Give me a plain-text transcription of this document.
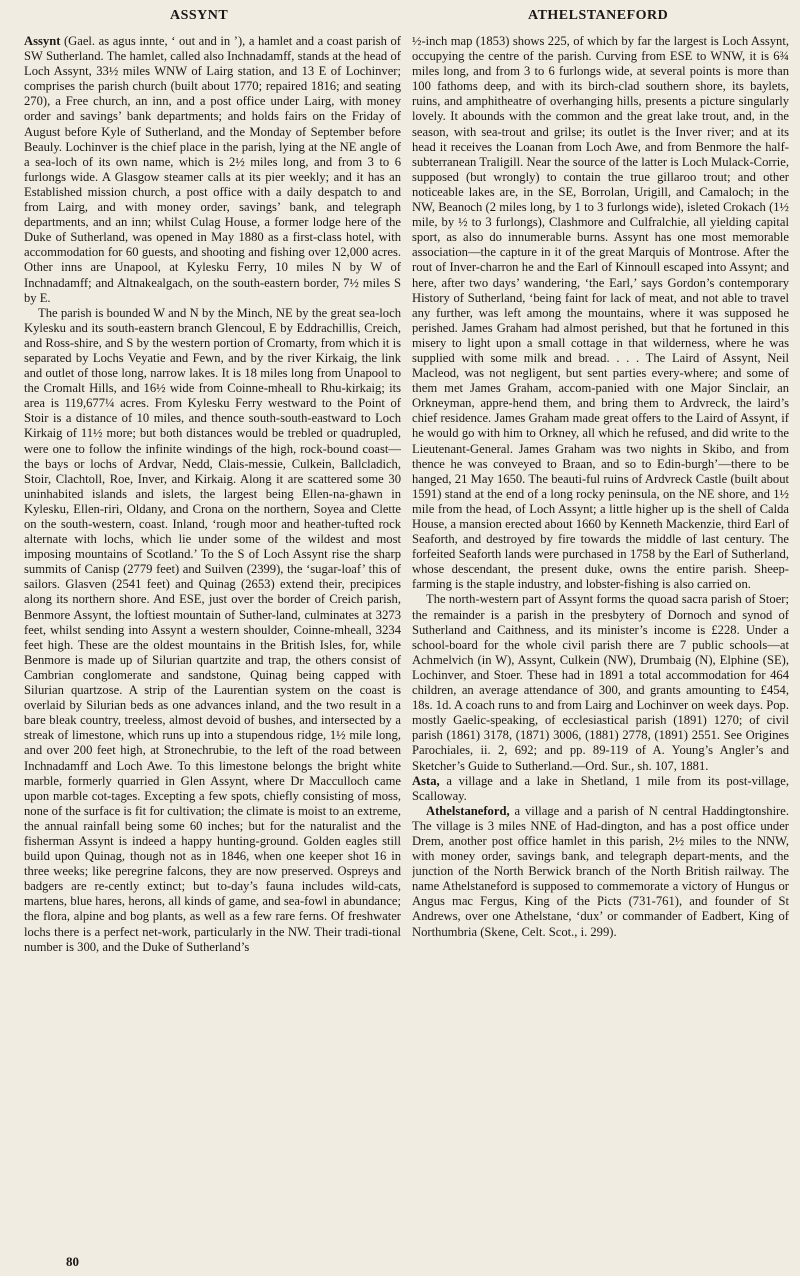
ASSYNT	ATHELSTANEFORD

Assynt (Gael. as agus innte, ‘ out and in ’), a hamlet and a coast parish of SW Sutherland. The hamlet, called also Inchnadamff, stands at the head of Loch Assynt, 33½ miles WNW of Lairg station, and 13 E of Lochinver; comprises the parish church (built about 1770; repaired 1816; and seating 270), a Free church, an inn, and a post office under Lairg, with money order and savings’ bank departments; and holds fairs on the Friday of August before Kyle of Sutherland, and the Monday of September before Beauly. Lochinver is the chief place in the parish, lying at the NE angle of a sea-loch of its own name, which is 2½ miles long, and from 3 to 6 furlongs wide. A Glasgow steamer calls at its pier weekly; and it has an Established mission church, a post office with a daily despatch to and from Lairg, and with money order, savings’ bank, and telegraph departments, and an inn; whilst Culag House, a former lodge here of the Duke of Sutherland, was opened in May 1880 as a first-class hotel, with accommodation for 60 guests, and shooting and fishing over 12,000 acres. Other inns are Unapool, at Kylesku Ferry, 10 miles N by W of Inchnadamff; and Altnakealgach, on the south-eastern border, 7½ miles S by E.

The parish is bounded W and N by the Minch, NE by the great sea-loch Kylesku and its south-eastern branch Glencoul, E by Eddrachillis, Creich, and Ross-shire, and S by the western portion of Cromarty, from which it is separated by Lochs Veyatie and Fewn, and by the river Kirkaig, the link and outlet of those long, narrow lakes. It is 18 miles long from Unapool to the Cromalt Hills, and 16½ wide from Coinne-mheall to Rhu-kirkaig; its area is 119,677¼ acres. From Kylesku Ferry westward to the Point of Stoir is a distance of 10 miles, and thence south-south-eastward to Loch Kirkaig of 11½ more; but both distances would be trebled or quadrupled, were one to follow the infinite windings of the high, rock-bound coast—the bays or lochs of Ardvar, Nedd, Clais-messie, Culkein, Ballcladich, Stoir, Clachtoll, Roe, Inver, and Kirkaig. Along it are scattered some 30 uninhabited islands and islets, the largest being Ellen-na-ghawn in Kylesku, Ellen-riri, Oldany, and Crona on the northern, Soyea and Clette on the south-western, coast. Inland, ‘rough moor and heather-tufted rock alternate with lochs, which lie under some of the wildest and most imposing mountains of Scotland.’ To the S of Loch Assynt rise the sharp summits of Canisp (2779 feet) and Suilven (2399), the ‘sugar-loaf’ this of sailors. Glasven (2541 feet) and Quinag (2653) extend their, precipices along its northern shore. And ESE, just over the border of Creich parish, Benmore Assynt, the loftiest mountain of Suther-land, culminates at 3273 feet, whilst sending into Assynt a western shoulder, Coinne-mheall, 3234 feet high. These are the oldest mountains in the British Isles, for, while Benmore is made up of Silurian quartzite and trap, the others consist of Cambrian conglomerate and sandstone, Quinag being capped with Silurian quartzose. A strip of the Laurentian system on the coast is overlaid by Silurian beds as one advances inland, and the two result in a bare bleak country, treeless, almost devoid of bushes, and intersected by a streak of limestone, which runs up into a stupendous ridge, 1½ mile long, and over 200 feet high, at Stronechrubie, to the left of the road between Inchnadamff and Loch Awe. To this limestone belongs the bright white marble, formerly quarried in Glen Assynt, where Dr Macculloch came upon marble cot-tages. Excepting a few spots, chiefly consisting of moss, none of the surface is fit for cultivation; the climate is moist to an extreme, the annual rainfall being some 60 inches; but for the naturalist and the fisherman Assynt is indeed a happy hunting-ground. Golden eagles still build upon Quinag, though not as in 1846, when one keeper shot 16 in three weeks; like peregrine falcons, they are now preserved. Ospreys and badgers are re-cently extinct; but to-day’s fauna includes wild-cats, martens, blue hares, herons, all kinds of game, and sea-fowl in abundance; the flora, alpine and bog plants, as well as a few rare ferns. Of freshwater lochs there is a perfect net-work, particularly in the NW. Their tradi-tional number is 300, and the Duke of Sutherland’s

½-inch map (1853) shows 225, of which by far the largest is Loch Assynt, occupying the centre of the parish. Curving from ESE to WNW, it is 6¾ miles long, and from 3 to 6 furlongs wide, at several points is more than 100 fathoms deep, and with its birch-clad southern shore, its baylets, ruins, and amphitheatre of overhanging hills, presents a picture singularly lovely. It abounds with the common and the great lake trout, and, in the season, with sea-trout and grilse; its outlet is the Inver river; and at its head it receives the Loanan from Loch Awe, and from Benmore the half-subterranean Traligill. Near the source of the latter is Loch Mulack-Corrie, supposed (but wrongly) to contain the true gillaroo trout; and other noticeable lakes are, in the SE, Borrolan, Urigill, and Camaloch; in the NW, Beanoch (2 miles long, by 1 to 3 furlongs wide), isleted Crokach (1½ mile, by ½ to 3 furlongs), Clashmore and Culfralchie, all yielding capital sport, as also do innumerable burns. Assynt has one most memorable association—the capture in it of the great Marquis of Montrose. After the rout of Inver-charron he and the Earl of Kinnoull escaped into Assynt; and here, after two days’ wandering, ‘the Earl,’ says Gordon’s contemporary History of Sutherland, ‘being faint for lack of meat, and not able to travel any further, was left among the mountains, where it was supposed he perished. James Graham had almost perished, but that he fortuned in this misery to light upon a small cottage in that wilderness, where he was supplied with some milk and bread. . . . The Laird of Assynt, Neil Macleod, was not negligent, but sent parties every-where; and some of them met James Graham, accom-panied with one Major Sinclair, an Orkneyman, appre-hend them, and bring them to Ardvreck, the laird’s chief residence. James Graham made great offers to the Laird of Assynt, if he would go with him to Orkney, all which he refused, and did write to the Lieutenant-General. James Graham was two nights in Skibo, and from thence he was conveyed to Braan, and so to Edin-burgh’—there to be hanged, 21 May 1650. The beauti-ful ruins of Ardvreck Castle (built about 1591) stand at the end of a long rocky peninsula, on the NE shore, and 1½ mile from the head, of Loch Assynt; a little higher up is the shell of Calda House, a mansion erected about 1660 by Kenneth Mackenzie, third Earl of Seaforth, and destroyed by fire towards the middle of last century. The forfeited Seaforth lands were purchased in 1758 by the Earl of Sutherland, whose descendant, the present duke, owns the entire parish. Sheep-farming is the staple industry, and lobster-fishing is also carried on.

The north-western part of Assynt forms the quoad sacra parish of Stoer; the remainder is a parish in the presbytery of Dornoch and synod of Sutherland and Caithness, and its minister’s income is £228. Under a school-board for the whole civil parish there are 7 public schools—at Achmelvich (in W), Assynt, Culkein (NW), Drumbaig (N), Elphine (SE), Lochinver, and Stoer. These had in 1891 a total accommodation for 464 children, an average attendance of 300, and grants amounting to £454, 18s. 1d. A coach runs to and from Lairg and Lochinver on week days. Pop. mostly Gaelic-speaking, of ecclesiastical parish (1891) 1270; of civil parish (1861) 3178, (1871) 3006, (1881) 2778, (1891) 2551. See Origines Parochiales, ii. 2, 692; and pp. 89-119 of A. Young’s Angler’s and Sketcher’s Guide to Sutherland.—Ord. Sur., sh. 107, 1881.

Asta, a village and a lake in Shetland, 1 mile from its post-village, Scalloway.

Athelstaneford, a village and a parish of N central Haddingtonshire. The village is 3 miles NNE of Had-dington, and has a post office under Drem, another post office hamlet in this parish, 2½ miles to the NNW, with money order, savings bank, and telegraph depart-ments, and the junction of the North Berwick branch of the North British railway. The name Athelstaneford is supposed to commemorate a victory of Hungus or Angus mac Fergus, King of the Picts (731-761), and founder of St Andrews, over one Athelstane, ‘dux’ or commander of Eadbert, King of Northumbria (Skene, Celt. Scot., i. 299).

80
